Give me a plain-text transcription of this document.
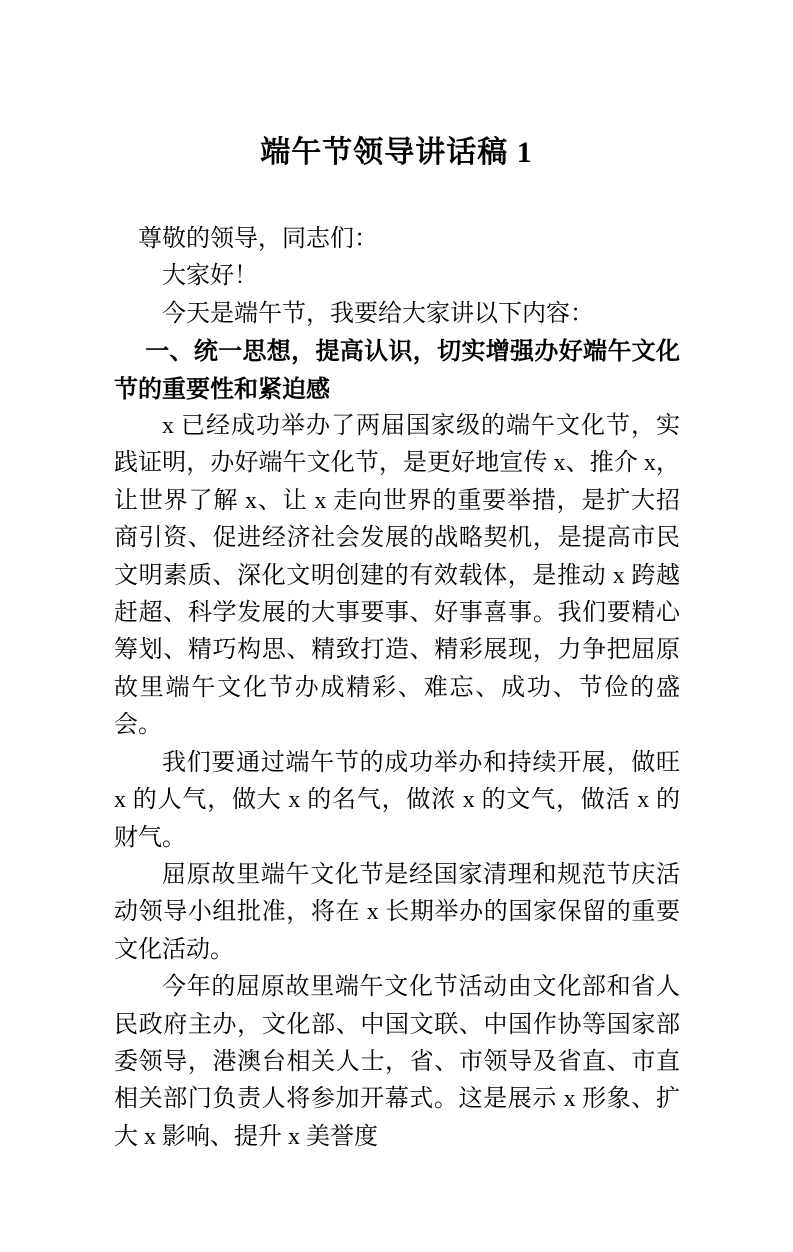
端午节领导讲话稿 1

尊敬的领导，同志们：

大家好！

今天是端午节，我要给大家讲以下内容：

一、统一思想，提高认识，切实增强办好端午文化节的重要性和紧迫感

x 已经成功举办了两届国家级的端午文化节，实践证明，办好端午文化节，是更好地宣传 x、推介 x，让世界了解 x、让 x 走向世界的重要举措，是扩大招商引资、促进经济社会发展的战略契机，是提高市民文明素质、深化文明创建的有效载体，是推动 x 跨越赶超、科学发展的大事要事、好事喜事。我们要精心筹划、精巧构思、精致打造、精彩展现，力争把屈原故里端午文化节办成精彩、难忘、成功、节俭的盛会。

我们要通过端午节的成功举办和持续开展，做旺 x 的人气，做大 x 的名气，做浓 x 的文气，做活 x 的财气。

屈原故里端午文化节是经国家清理和规范节庆活动领导小组批准，将在 x 长期举办的国家保留的重要文化活动。

今年的屈原故里端午文化节活动由文化部和省人民政府主办，文化部、中国文联、中国作协等国家部委领导，港澳台相关人士，省、市领导及省直、市直相关部门负责人将参加开幕式。这是展示 x 形象、扩大 x 影响、提升 x 美誉度
